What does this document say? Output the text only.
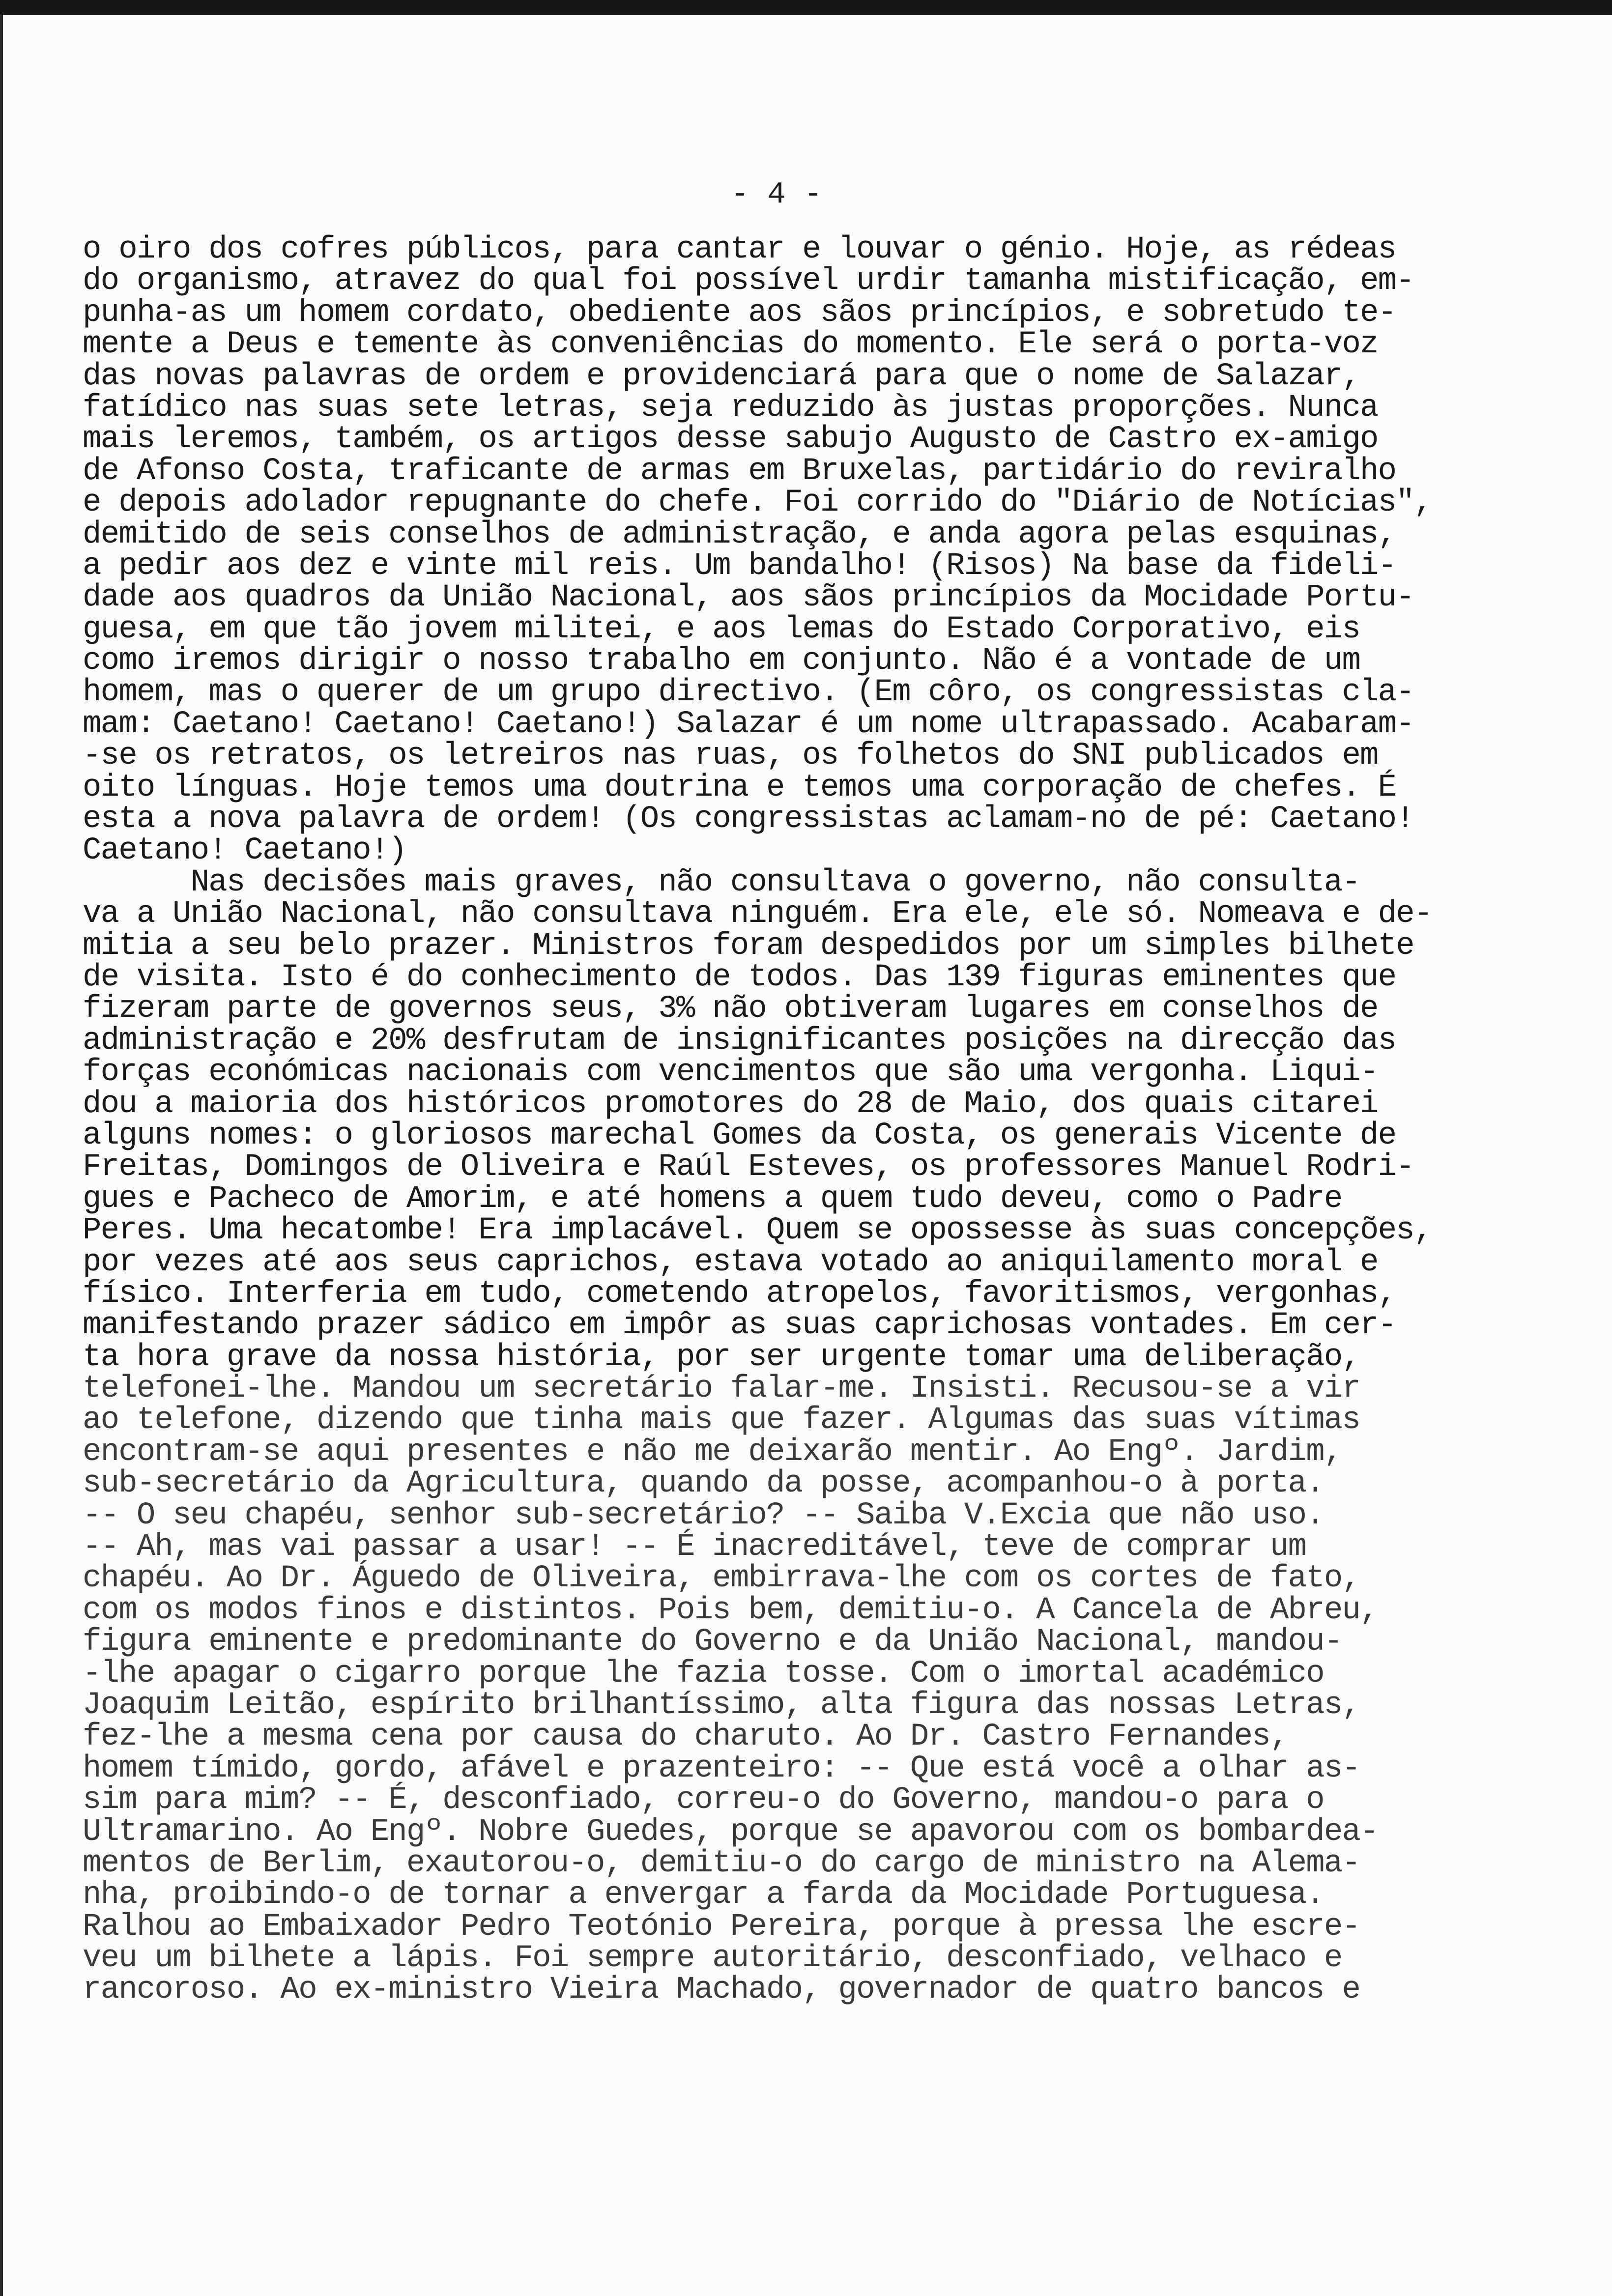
- 4 -
o oiro dos cofres públicos, para cantar e louvar o génio. Hoje, as rédeas
do organismo, atravez do qual foi possível urdir tamanha mistificação, em-
punha-as um homem cordato, obediente aos sãos princípios, e sobretudo te-
mente a Deus e temente às conveniências do momento. Ele será o porta-voz
das novas palavras de ordem e providenciará para que o nome de Salazar,
fatídico nas suas sete letras, seja reduzido às justas proporções. Nunca
mais leremos, também, os artigos desse sabujo Augusto de Castro ex-amigo
de Afonso Costa, traficante de armas em Bruxelas, partidário do reviralho
e depois adolador repugnante do chefe. Foi corrido do "Diário de Notícias",
demitido de seis conselhos de administração, e anda agora pelas esquinas,
a pedir aos dez e vinte mil reis. Um bandalho! (Risos) Na base da fideli-
dade aos quadros da União Nacional, aos sãos princípios da Mocidade Portu-
guesa, em que tão jovem militei, e aos lemas do Estado Corporativo, eis
como iremos dirigir o nosso trabalho em conjunto. Não é a vontade de um
homem, mas o querer de um grupo directivo. (Em côro, os congressistas cla-
mam: Caetano! Caetano! Caetano!) Salazar é um nome ultrapassado. Acabaram-
-se os retratos, os letreiros nas ruas, os folhetos do SNI publicados em
oito línguas. Hoje temos uma doutrina e temos uma corporação de chefes. É
esta a nova palavra de ordem! (Os congressistas aclamam-no de pé: Caetano!
Caetano! Caetano!)
Nas decisões mais graves, não consultava o governo, não consulta-
va a União Nacional, não consultava ninguém. Era ele, ele só. Nomeava e de-
mitia a seu belo prazer. Ministros foram despedidos por um simples bilhete
de visita. Isto é do conhecimento de todos. Das 139 figuras eminentes que
fizeram parte de governos seus, 3% não obtiveram lugares em conselhos de
administração e 20% desfrutam de insignificantes posições na direcção das
forças económicas nacionais com vencimentos que são uma vergonha. Liqui-
dou a maioria dos históricos promotores do 28 de Maio, dos quais citarei
alguns nomes: o gloriosos marechal Gomes da Costa, os generais Vicente de
Freitas, Domingos de Oliveira e Raúl Esteves, os professores Manuel Rodri-
gues e Pacheco de Amorim, e até homens a quem tudo deveu, como o Padre
Peres. Uma hecatombe! Era implacável. Quem se opossesse às suas concepções,
por vezes até aos seus caprichos, estava votado ao aniquilamento moral e
físico. Interferia em tudo, cometendo atropelos, favoritismos, vergonhas,
manifestando prazer sádico em impôr as suas caprichosas vontades. Em cer-
ta hora grave da nossa história, por ser urgente tomar uma deliberação,
telefonei-lhe. Mandou um secretário falar-me. Insisti. Recusou-se a vir
ao telefone, dizendo que tinha mais que fazer. Algumas das suas vítimas
encontram-se aqui presentes e não me deixarão mentir. Ao Engº. Jardim,
sub-secretário da Agricultura, quando da posse, acompanhou-o à porta.
-- O seu chapéu, senhor sub-secretário? -- Saiba V.Excia que não uso.
-- Ah, mas vai passar a usar! -- É inacreditável, teve de comprar um
chapéu. Ao Dr. Águedo de Oliveira, embirrava-lhe com os cortes de fato,
com os modos finos e distintos. Pois bem, demitiu-o. A Cancela de Abreu,
figura eminente e predominante do Governo e da União Nacional, mandou-
-lhe apagar o cigarro porque lhe fazia tosse. Com o imortal académico
Joaquim Leitão, espírito brilhantíssimo, alta figura das nossas Letras,
fez-lhe a mesma cena por causa do charuto. Ao Dr. Castro Fernandes,
homem tímido, gordo, afável e prazenteiro: -- Que está você a olhar as-
sim para mim? -- É, desconfiado, correu-o do Governo, mandou-o para o
Ultramarino. Ao Engº. Nobre Guedes, porque se apavorou com os bombardea-
mentos de Berlim, exautorou-o, demitiu-o do cargo de ministro na Alema-
nha, proibindo-o de tornar a envergar a farda da Mocidade Portuguesa.
Ralhou ao Embaixador Pedro Teotónio Pereira, porque à pressa lhe escre-
veu um bilhete a lápis. Foi sempre autoritário, desconfiado, velhaco e
rancoroso. Ao ex-ministro Vieira Machado, governador de quatro bancos e
